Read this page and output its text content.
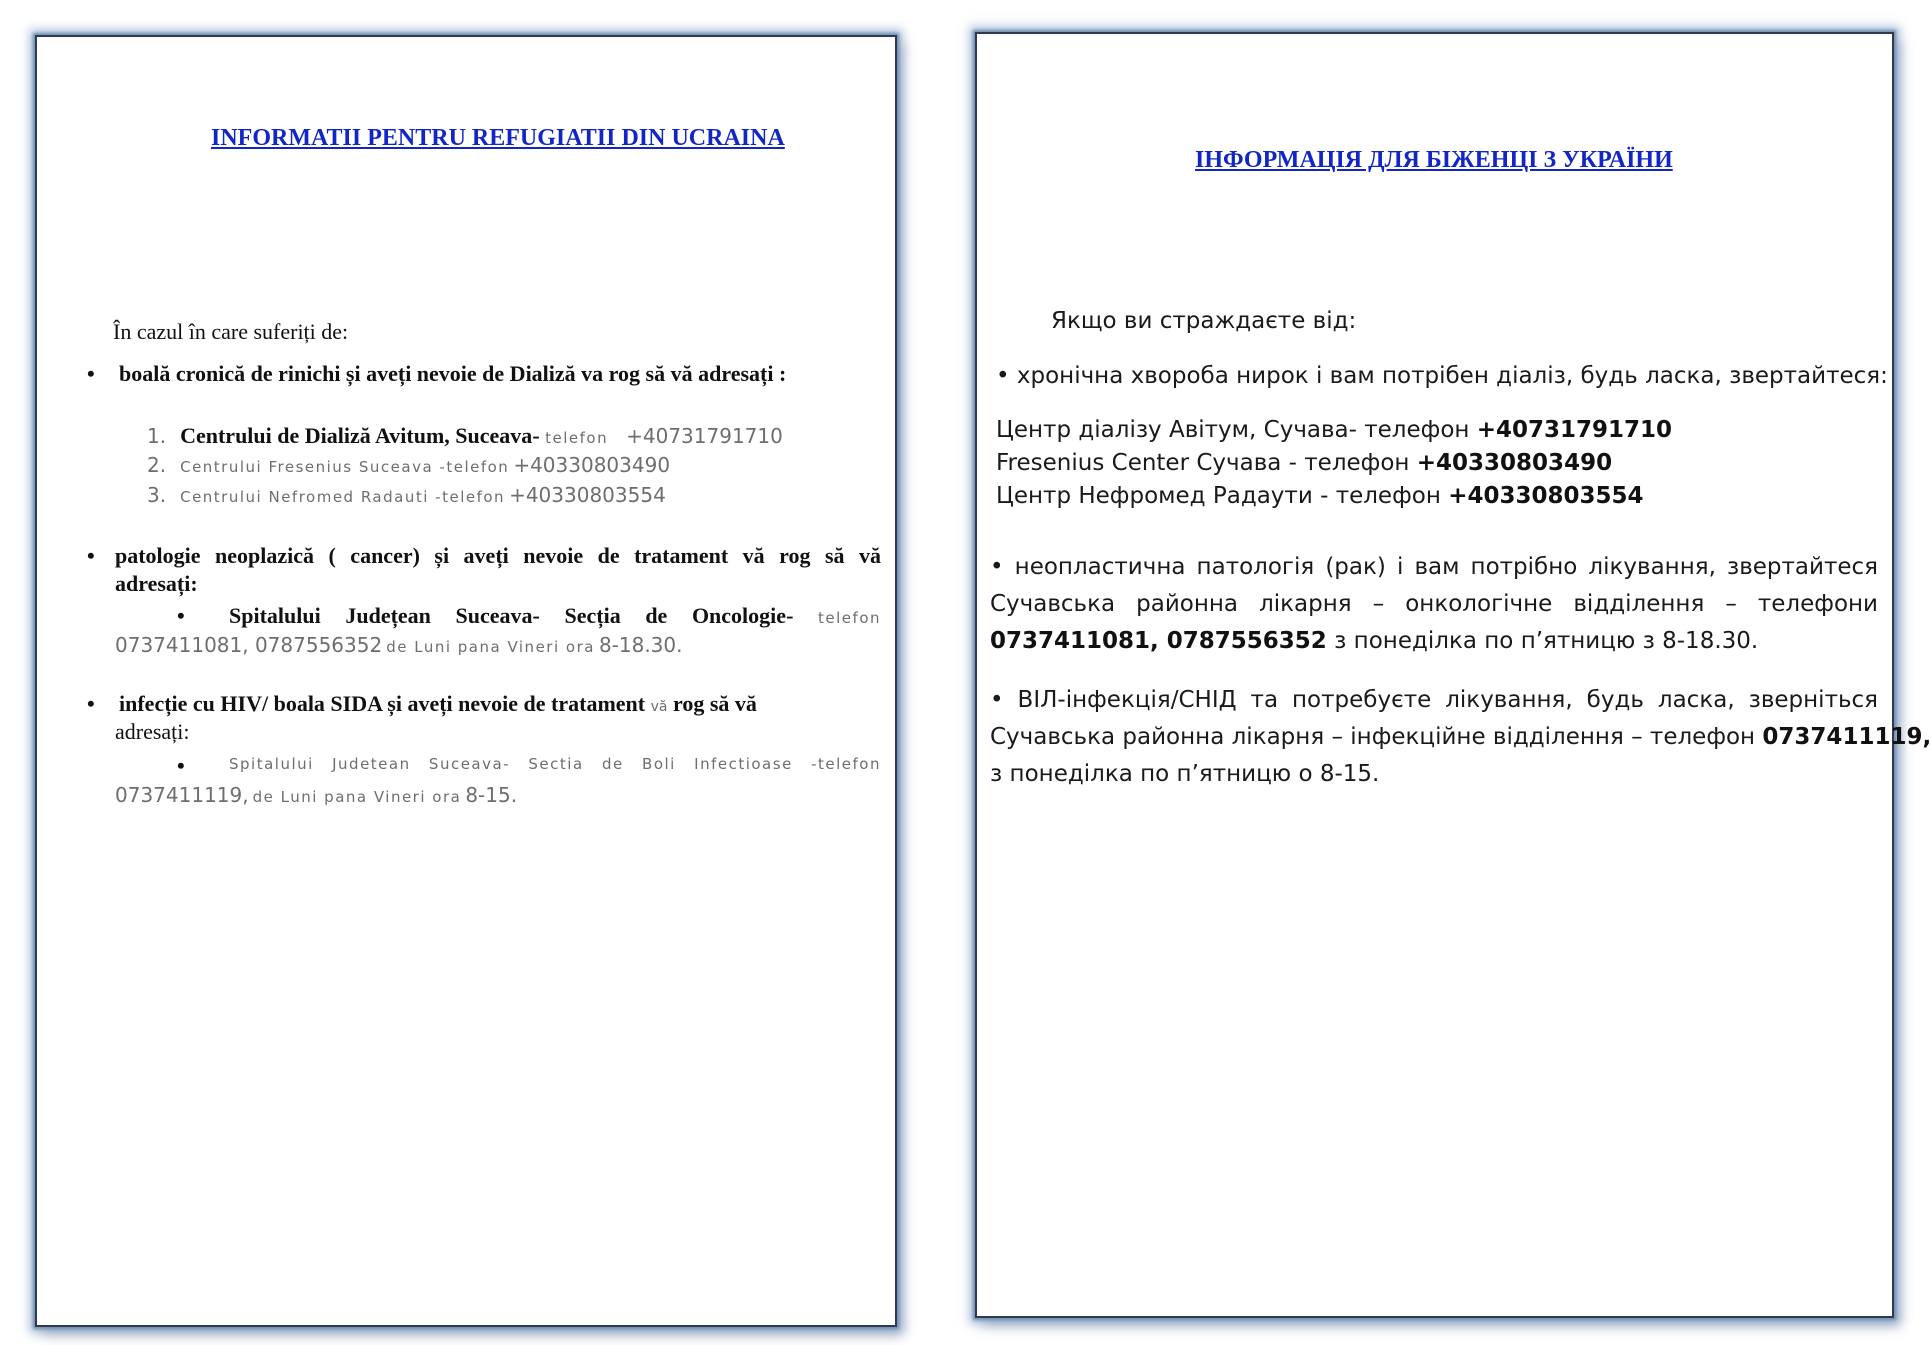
INFORMATII PENTRU REFUGIATII DIN UCRAINA
În cazul în care suferiți de:
• boală cronică de rinichi și aveți nevoie de Dializă va rog să vă adresați :
1. Centrului de Dializă Avitum, Suceava- telefon +40731791710
2. Centrului Fresenius Suceava -telefon +40330803490
3. Centrului Nefromed Radauti -telefon +40330803554
• patologie neoplazică ( cancer) și aveți nevoie de tratament vă rog să vă
adresați:
• Spitalului Județean Suceava- Secția de Oncologie- telefon
0737411081, 0787556352 de Luni pana Vineri ora 8-18.30.
• infecție cu HIV/ boala SIDA și aveți nevoie de tratament vă rog să vă
adresați:
•	Spitalului Judetean Suceava- Sectia de Boli Infectioase -telefon
0737411119, de Luni pana Vineri ora 8-15.
ІНФОРМАЦІЯ ДЛЯ БІЖЕНЦІ З УКРАЇНИ
Якщо ви страждаєте від:
• хронічна хвороба нирок і вам потрібен діаліз, будь ласка, звертайтеся:
Центр діалізу Авітум, Сучава- телефон +40731791710
Fresenius Center Сучава - телефон +40330803490
Центр Нефромед Радаути - телефон +40330803554
• неопластична патологія (рак) і вам потрібно лікування, звертайтеся
Сучавська районна лікарня – онкологічне відділення – телефони
0737411081, 0787556352 з понеділка по п’ятницю з 8-18.30.
• ВІЛ-інфекція/СНІД та потребуєте лікування, будь ласка, зверніться
Сучавська районна лікарня – інфекційне відділення – телефон 0737411119,
з понеділка по п’ятницю о 8-15.
